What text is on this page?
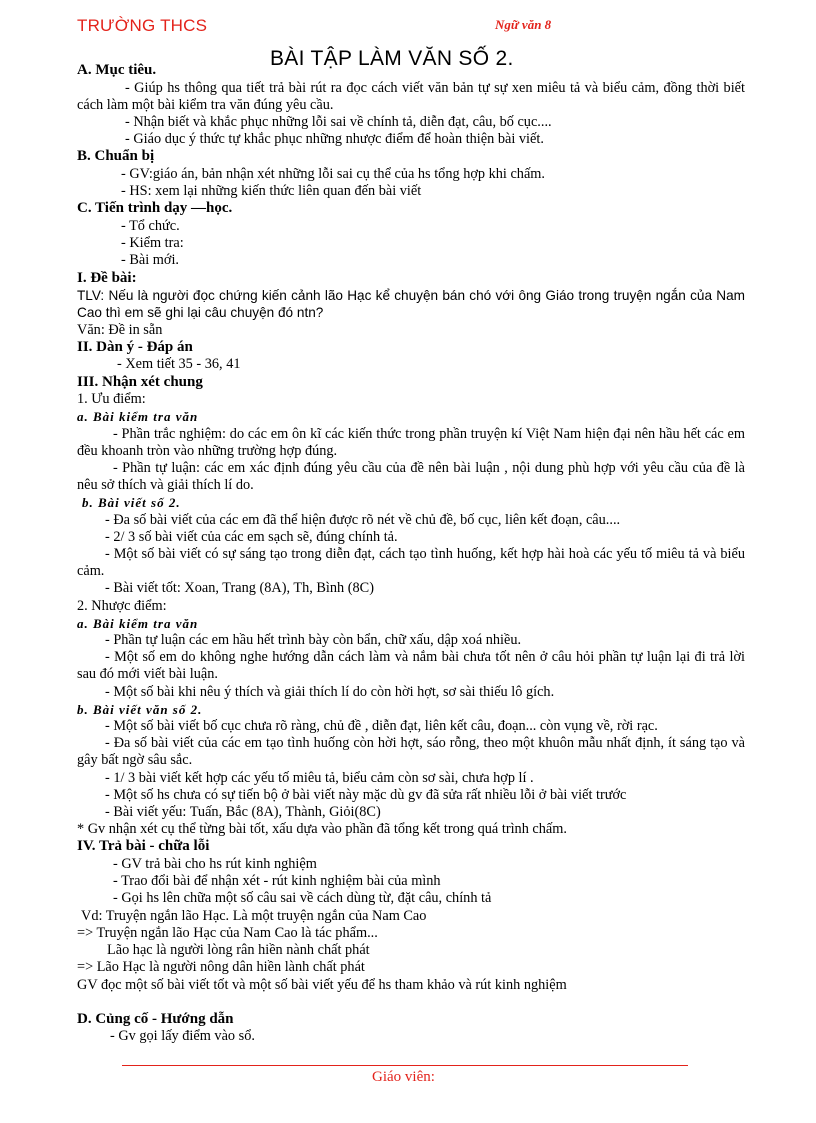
TRƯỜNG THCS	Ngữ văn 8
BÀI TẬP LÀM VĂN SỐ 2.
A. Mục tiêu.
- Giúp hs thông qua tiết trả bài rút ra đọc cách viết văn bản tự sự xen miêu tả và biểu cảm, đồng thời biết cách làm một bài kiểm tra văn đúng yêu cầu.
- Nhận biết và khắc phục những lỗi sai về chính tả, diễn đạt, câu, bố cục....
- Giáo dục ý thức tự khắc phục những nhược điểm để hoàn thiện bài viết.
B. Chuẩn bị
- GV:giáo án, bản nhận xét những lỗi sai cụ thể của hs tổng hợp khi chấm.
- HS: xem lại những kiến thức liên quan đến bài viết
C. Tiến trình dạy —học.
- Tổ chức.
- Kiểm tra:
- Bài mới.
I. Đề bài:
TLV: Nếu là người đọc chứng kiến cảnh lão Hạc kể chuyện bán chó với ông Giáo trong truyện ngắn của Nam Cao thì em sẽ ghi lại câu chuyện đó ntn?
Văn: Đề in sẵn
II. Dàn ý - Đáp án
- Xem tiết 35 - 36, 41
III. Nhận xét chung
1. Ưu điểm:
a. Bài kiểm tra văn
- Phần trắc nghiệm: do các em ôn kĩ các kiến thức trong phần truyện kí Việt Nam hiện đại nên hầu hết các em đều khoanh tròn vào những trường hợp đúng.
- Phần tự luận: các em xác định đúng yêu cầu của đề nên bài luận , nội dung phù hợp với yêu cầu của đề là nêu sở thích và giải thích lí do.
b. Bài viết số 2.
- Đa số bài viết của các em đã thể hiện được rõ nét về chủ đề, bố cục, liên kết đoạn, câu....
- 2/ 3 số bài viết của các em sạch sẽ, đúng chính tả.
- Một số bài viết có sự sáng tạo trong diễn đạt, cách tạo tình huống, kết hợp hài hoà các yếu tố miêu tả và biểu cảm.
- Bài viết tốt: Xoan, Trang (8A), Th, Bình (8C)
2. Nhược điểm:
a. Bài kiểm tra văn
- Phần tự luận các em hầu hết trình bày còn bẩn, chữ xấu, dập xoá nhiều.
- Một số em do không nghe hướng dẫn cách làm và nắm bài chưa tốt nên ở câu hỏi phần tự luận lại đi trả lời sau đó mới viết bài luận.
- Một số bài khi nêu ý thích và giải thích lí do còn hời hợt, sơ sài thiếu lô gích.
b. Bài viết văn số 2.
- Một số bài viết bố cục chưa rõ ràng, chủ đề , diễn đạt, liên kết câu, đoạn... còn vụng về, rời rạc.
- Đa số bài viết của các em tạo tình huống còn hời hợt, sáo rỗng, theo một khuôn mẫu nhất định, ít sáng tạo và gây bất ngờ sâu sắc.
- 1/ 3 bài viết kết hợp các yếu tố miêu tả, biểu cảm còn sơ sài, chưa hợp lí .
- Một số hs chưa có sự tiến bộ ở bài viết này mặc dù gv đã sửa rất nhiều lỗi ở bài viết trước
- Bài viết yếu: Tuấn, Bắc (8A), Thành, Giỏi(8C)
* Gv nhận xét cụ thể từng bài tốt, xấu dựa vào phần đã tổng kết trong quá trình chấm.
IV. Trả bài - chữa lỗi
- GV trả bài cho hs rút kinh nghiệm
- Trao đổi bài để nhận xét - rút kinh nghiệm bài của mình
- Gọi hs lên chữa một số câu sai về cách dùng từ, đặt câu, chính tả
Vd: Truyện ngắn lão Hạc. Là một truyện ngắn của Nam Cao
=> Truyện ngắn lão Hạc của Nam Cao là tác phẩm...
Lão hạc là người lòng rân hiền nành chất phát
=> Lão Hạc là người nông dân hiền lành chất phát
GV đọc một số bài viết tốt và một số bài viết yếu để hs tham khảo và rút kinh nghiệm
D. Củng cố - Hướng dẫn
- Gv gọi lấy điểm vào sổ.
Giáo viên:
